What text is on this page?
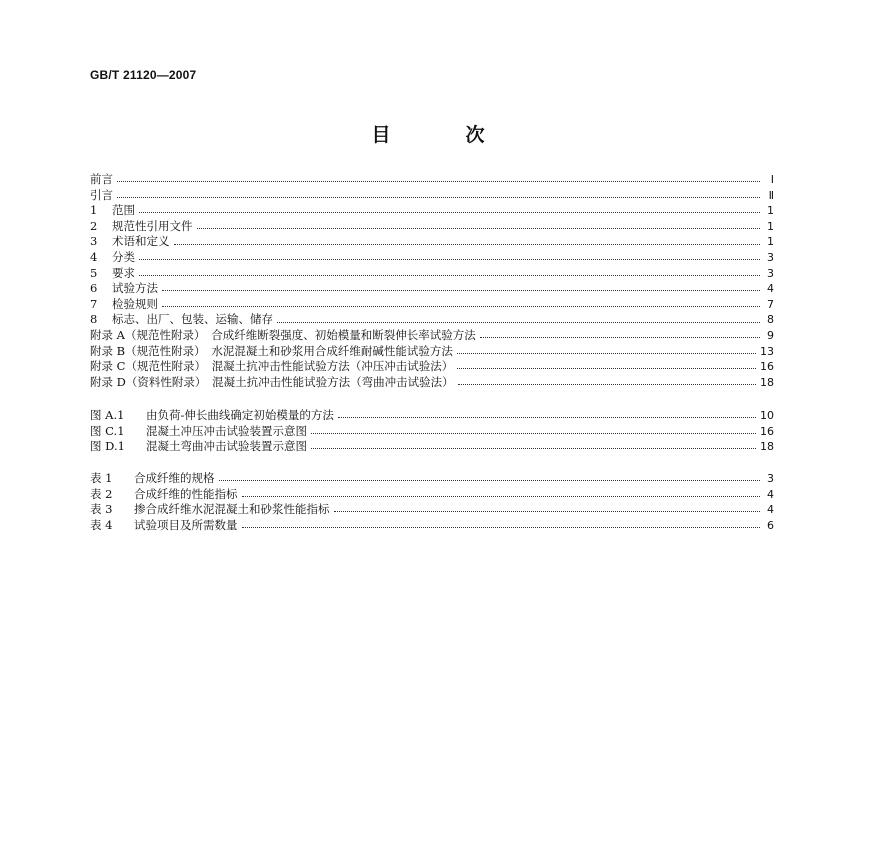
GB/T 21120—2007
目　次
前言	Ⅰ
引言	Ⅱ
1	范围	1
2	规范性引用文件	1
3	术语和定义	1
4	分类	3
5	要求	3
6	试验方法	4
7	检验规则	7
8	标志、出厂、包装、运输、储存	8
附录 A（规范性附录）　合成纤维断裂强度、初始模量和断裂伸长率试验方法	9
附录 B（规范性附录）　水泥混凝土和砂浆用合成纤维耐碱性能试验方法	13
附录 C（规范性附录）　混凝土抗冲击性能试验方法（冲压冲击试验法）	16
附录 D（资料性附录）　混凝土抗冲击性能试验方法（弯曲冲击试验法）	18
图 A.1	由负荷-伸长曲线确定初始模量的方法	10
图 C.1	混凝土冲压冲击试验装置示意图	16
图 D.1	混凝土弯曲冲击试验装置示意图	18
表 1	合成纤维的规格	3
表 2	合成纤维的性能指标	4
表 3	掺合成纤维水泥混凝土和砂浆性能指标	4
表 4	试验项目及所需数量	6
